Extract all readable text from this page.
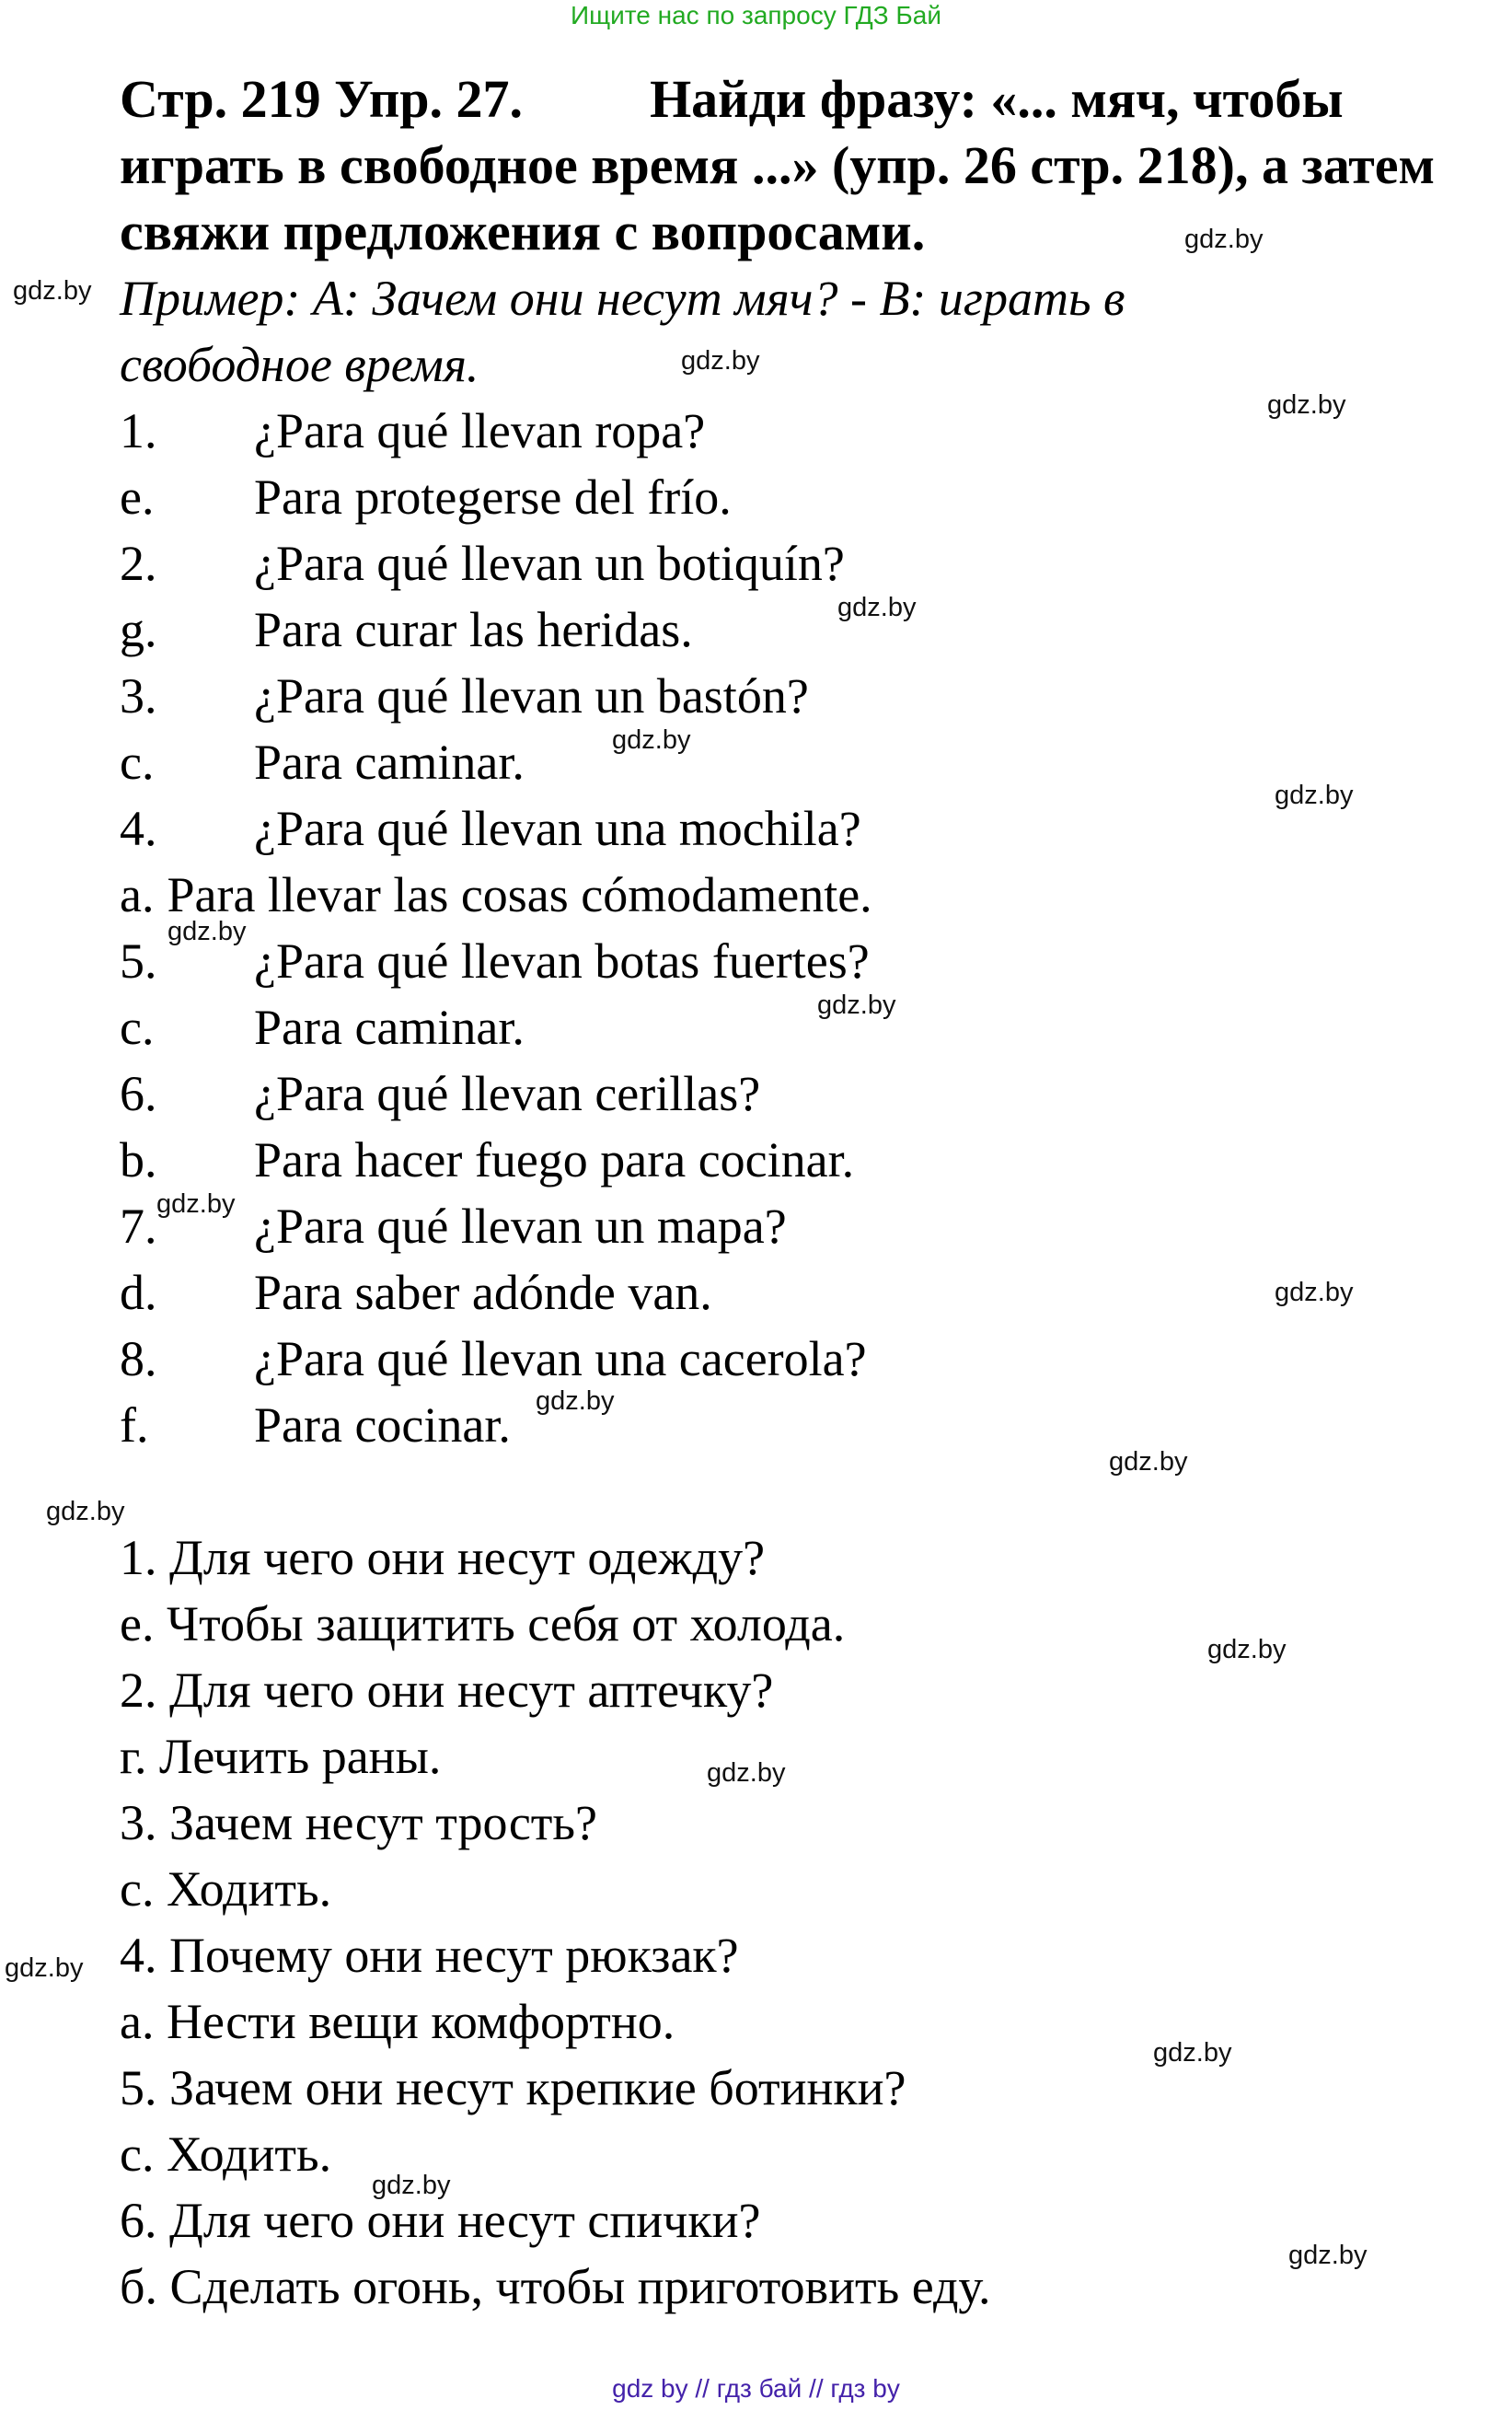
Ищите нас по запросу ГДЗ Бай
Стр. 219 Упр. 27. Найди фразу: «... мяч, чтобы играть в свободное время ...» (упр. 26 стр. 218), а затем свяжи предложения с вопросами.
Пример: A: Зачем они несут мяч? - B: играть в свободное время.
1. ¿Para qué llevan ropa?
e. Para protegerse del frío.
2. ¿Para qué llevan un botiquín?
g. Para curar las heridas.
3. ¿Para qué llevan un bastón?
c. Para caminar.
4. ¿Para qué llevan una mochila?
a. Para llevar las cosas cómodamente.
5. ¿Para qué llevan botas fuertes?
c. Para caminar.
6. ¿Para qué llevan cerillas?
b. Para hacer fuego para cocinar.
7. ¿Para qué llevan un mapa?
d. Para saber adónde van.
8. ¿Para qué llevan una cacerola?
f. Para cocinar.
1. Для чего они несут одежду?
е. Чтобы защитить себя от холода.
2. Для чего они несут аптечку?
г. Лечить раны.
3. Зачем несут трость?
с. Ходить.
4. Почему они несут рюкзак?
а. Нести вещи комфортно.
5. Зачем они несут крепкие ботинки?
с. Ходить.
6. Для чего они несут спички?
б. Сделать огонь, чтобы приготовить еду.
gdz.by
gdz.by
gdz.by
gdz.by
gdz.by
gdz.by
gdz.by
gdz.by
gdz.by
gdz.by
gdz.by
gdz.by
gdz.by
gdz.by
gdz.by
gdz.by
gdz.by
gdz.by
gdz.by
gdz.by
gdz by // гдз бай // гдз by
